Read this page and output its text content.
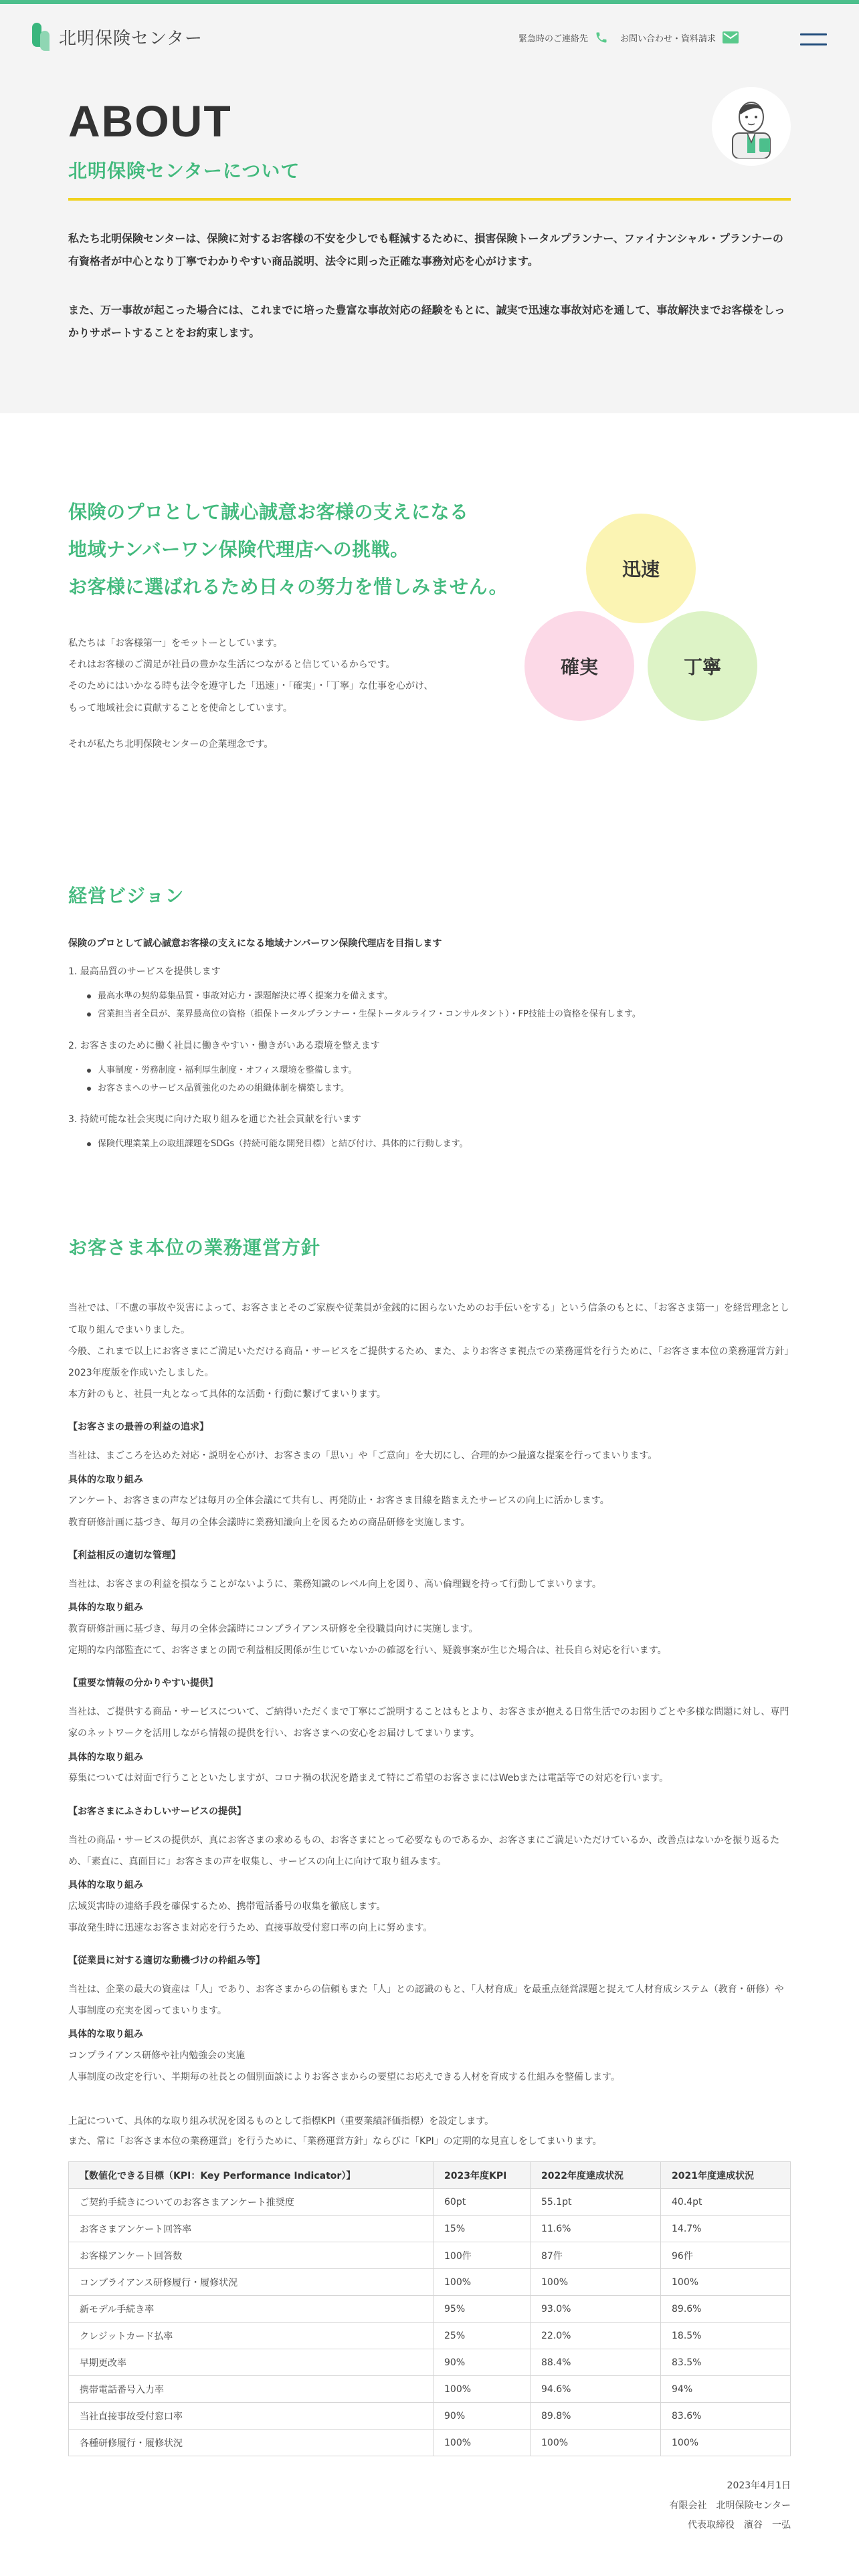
北明保険センター	緊急時のご連絡先	お問い合わせ・資料請求
ABOUT
北明保険センターについて

私たち北明保険センターは、保険に対するお客様の不安を少しでも軽減するために、損害保険トータルプランナー、ファイナンシャル・プランナーの有資格者が中心となり丁寧でわかりやすい商品説明、法令に則った正確な事務対応を心がけます。

また、万一事故が起こった場合には、これまでに培った豊富な事故対応の経験をもとに、誠実で迅速な事故対応を通して、事故解決までお客様をしっかりサポートすることをお約束します。

保険のプロとして誠心誠意お客様の支えになる
地域ナンバーワン保険代理店への挑戦。
お客様に選ばれるため日々の努力を惜しみません。

私たちは「お客様第一」をモットーとしています。
それはお客様のご満足が社員の豊かな生活につながると信じているからです。
そのためにはいかなる時も法令を遵守した「迅速」・「確実」・「丁寧」な仕事を心がけ、
もって地域社会に貢献することを使命としています。

それが私たち北明保険センターの企業理念です。

迅速
確実	丁寧
経営ビジョン
保険のプロとして誠心誠意お客様の支えになる地域ナンバーワン保険代理店を目指します
1. 最高品質のサービスを提供します
最高水準の契約募集品質・事故対応力・課題解決に導く提案力を備えます。
営業担当者全員が、業界最高位の資格（損保トータルプランナー・生保トータルライフ・コンサルタント）・FP技能士の資格を保有します。
2. お客さまのために働く社員に働きやすい・働きがいある環境を整えます
人事制度・労務制度・福利厚生制度・オフィス環境を整備します。
お客さまへのサービス品質強化のための組織体制を構築します。
3. 持続可能な社会実現に向けた取り組みを通じた社会貢献を行います
保険代理業業上の取組課題をSDGs（持続可能な開発目標）と結び付け、具体的に行動します。
お客さま本位の業務運営方針

当社では、「不慮の事故や災害によって、お客さまとそのご家族や従業員が金銭的に困らないためのお手伝いをする」という信条のもとに、「お客さま第一」を経営理念として取り組んでまいりました。

今般、これまで以上にお客さまにご満足いただける商品・サービスをご提供するため、また、よりお客さま視点での業務運営を行うために、「お客さま本位の業務運営方針」2023年度版を作成いたしました。

本方針のもと、社員一丸となって具体的な活動・行動に繋げてまいります。

【お客さまの最善の利益の追求】
当社は、まごころを込めた対応・説明を心がけ、お客さまの「思い」や「ご意向」を大切にし、合理的かつ最適な提案を行ってまいります。
具体的な取り組み
アンケート、お客さまの声などは毎月の全体会議にて共有し、再発防止・お客さま目線を踏まえたサービスの向上に活かします。
教育研修計画に基づき、毎月の全体会議時に業務知識向上を図るための商品研修を実施します。
【利益相反の適切な管理】
当社は、お客さまの利益を損なうことがないように、業務知識のレベル向上を図り、高い倫理観を持って行動してまいります。
具体的な取り組み
教育研修計画に基づき、毎月の全体会議時にコンプライアンス研修を全役職員向けに実施します。
定期的な内部監査にて、お客さまとの間で利益相反関係が生じていないかの確認を行い、疑義事案が生じた場合は、社長自ら対応を行います。
【重要な情報の分かりやすい提供】
当社は、ご提供する商品・サービスについて、ご納得いただくまで丁寧にご説明することはもとより、お客さまが抱える日常生活でのお困りごとや多様な問題に対し、専門家のネットワークを活用しながら情報の提供を行い、お客さまへの安心をお届けしてまいります。
具体的な取り組み
募集については対面で行うことといたしますが、コロナ禍の状況を踏まえて特にご希望のお客さまにはWebまたは電話等での対応を行います。
【お客さまにふさわしいサービスの提供】
当社の商品・サービスの提供が、真にお客さまの求めるもの、お客さまにとって必要なものであるか、お客さまにご満足いただけているか、改善点はないかを振り返るため、「素直に、真面目に」お客さまの声を収集し、サービスの向上に向けて取り組みます。
具体的な取り組み
広域災害時の連絡手段を確保するため、携帯電話番号の収集を徹底します。
事故発生時に迅速なお客さま対応を行うため、直接事故受付窓口率の向上に努めます。
【従業員に対する適切な動機づけの枠組み等】
当社は、企業の最大の資産は「人」であり、お客さまからの信頼もまた「人」との認識のもと、「人材育成」を最重点経営課題と捉えて人材育成システム（教育・研修）や人事制度の充実を図ってまいります。
具体的な取り組み
コンプライアンス研修や社内勉強会の実施
人事制度の改定を行い、半期毎の社長との個別面談によりお客さまからの要望にお応えできる人材を育成する仕組みを整備します。

上記について、具体的な取り組み状況を図るものとして指標KPI（重要業績評価指標）を設定します。

また、常に「お客さま本位の業務運営」を行うために、「業務運営方針」ならびに「KPI」の定期的な見直しをしてまいります。

【数値化できる目標（KPI：Key Performance Indicator）】	2023年度KPI	2022年度達成状況	2021年度達成状況
ご契約手続きについてのお客さまアンケート推奨度	60pt	55.1pt	40.4pt
お客さまアンケート回答率	15%	11.6%	14.7%
お客様アンケート回答数	100件	87件	96件
コンプライアンス研修履行・履修状況	100%	100%	100%
新モデル手続き率	95%	93.0%	89.6%
クレジットカード払率	25%	22.0%	18.5%
早期更改率	90%	88.4%	83.5%
携帯電話番号入力率	100%	94.6%	94%
当社直接事故受付窓口率	90%	89.8%	83.6%
各種研修履行・履修状況	100%	100%	100%
2023年4月1日
有限会社　北明保険センター
代表取締役　濱谷　一弘
